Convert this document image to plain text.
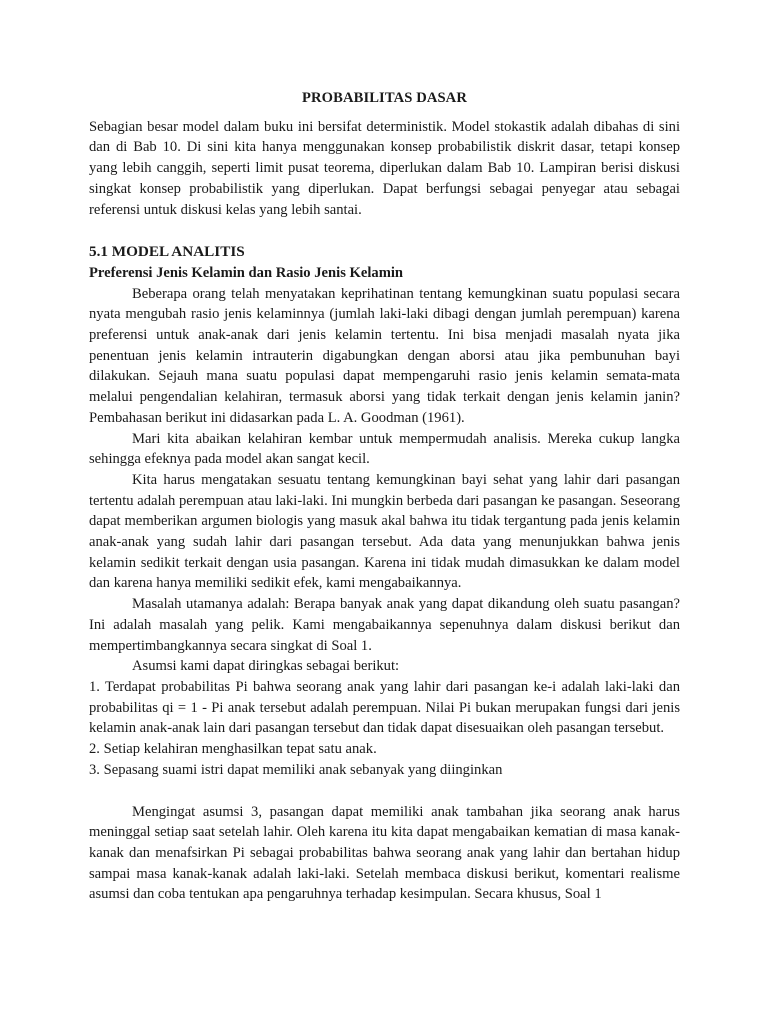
PROBABILITAS DASAR

Sebagian besar model dalam buku ini bersifat deterministik. Model stokastik adalah dibahas di sini dan di Bab 10. Di sini kita hanya menggunakan konsep probabilistik diskrit dasar, tetapi konsep yang lebih canggih, seperti limit pusat teorema, diperlukan dalam Bab 10. Lampiran berisi diskusi singkat konsep probabilistik yang diperlukan. Dapat berfungsi sebagai penyegar atau sebagai referensi untuk diskusi kelas yang lebih santai.

5.1 MODEL ANALITIS
Preferensi Jenis Kelamin dan Rasio Jenis Kelamin

Beberapa orang telah menyatakan keprihatinan tentang kemungkinan suatu populasi secara nyata mengubah rasio jenis kelaminnya (jumlah laki-laki dibagi dengan jumlah perempuan) karena preferensi untuk anak-anak dari jenis kelamin tertentu. Ini bisa menjadi masalah nyata jika penentuan jenis kelamin intrauterin digabungkan dengan aborsi atau jika pembunuhan bayi dilakukan. Sejauh mana suatu populasi dapat mempengaruhi rasio jenis kelamin semata-mata melalui pengendalian kelahiran, termasuk aborsi yang tidak terkait dengan jenis kelamin janin? Pembahasan berikut ini didasarkan pada L. A. Goodman (1961).

Mari kita abaikan kelahiran kembar untuk mempermudah analisis. Mereka cukup langka sehingga efeknya pada model akan sangat kecil.

Kita harus mengatakan sesuatu tentang kemungkinan bayi sehat yang lahir dari pasangan tertentu adalah perempuan atau laki-laki. Ini mungkin berbeda dari pasangan ke pasangan. Seseorang dapat memberikan argumen biologis yang masuk akal bahwa itu tidak tergantung pada jenis kelamin anak-anak yang sudah lahir dari pasangan tersebut. Ada data yang menunjukkan bahwa jenis kelamin sedikit terkait dengan usia pasangan. Karena ini tidak mudah dimasukkan ke dalam model dan karena hanya memiliki sedikit efek, kami mengabaikannya.

Masalah utamanya adalah: Berapa banyak anak yang dapat dikandung oleh suatu pasangan? Ini adalah masalah yang pelik. Kami mengabaikannya sepenuhnya dalam diskusi berikut dan mempertimbangkannya secara singkat di Soal 1.

Asumsi kami dapat diringkas sebagai berikut:

1. Terdapat probabilitas Pi bahwa seorang anak yang lahir dari pasangan ke-i adalah laki-laki dan probabilitas qi = 1 - Pi anak tersebut adalah perempuan. Nilai Pi bukan merupakan fungsi dari jenis kelamin anak-anak lain dari pasangan tersebut dan tidak dapat disesuaikan oleh pasangan tersebut.

2. Setiap kelahiran menghasilkan tepat satu anak.

3. Sepasang suami istri dapat memiliki anak sebanyak yang diinginkan

Mengingat asumsi 3, pasangan dapat memiliki anak tambahan jika seorang anak harus meninggal setiap saat setelah lahir. Oleh karena itu kita dapat mengabaikan kematian di masa kanak-kanak dan menafsirkan Pi sebagai probabilitas bahwa seorang anak yang lahir dan bertahan hidup sampai masa kanak-kanak adalah laki-laki. Setelah membaca diskusi berikut, komentari realisme asumsi dan coba tentukan apa pengaruhnya terhadap kesimpulan. Secara khusus, Soal 1
